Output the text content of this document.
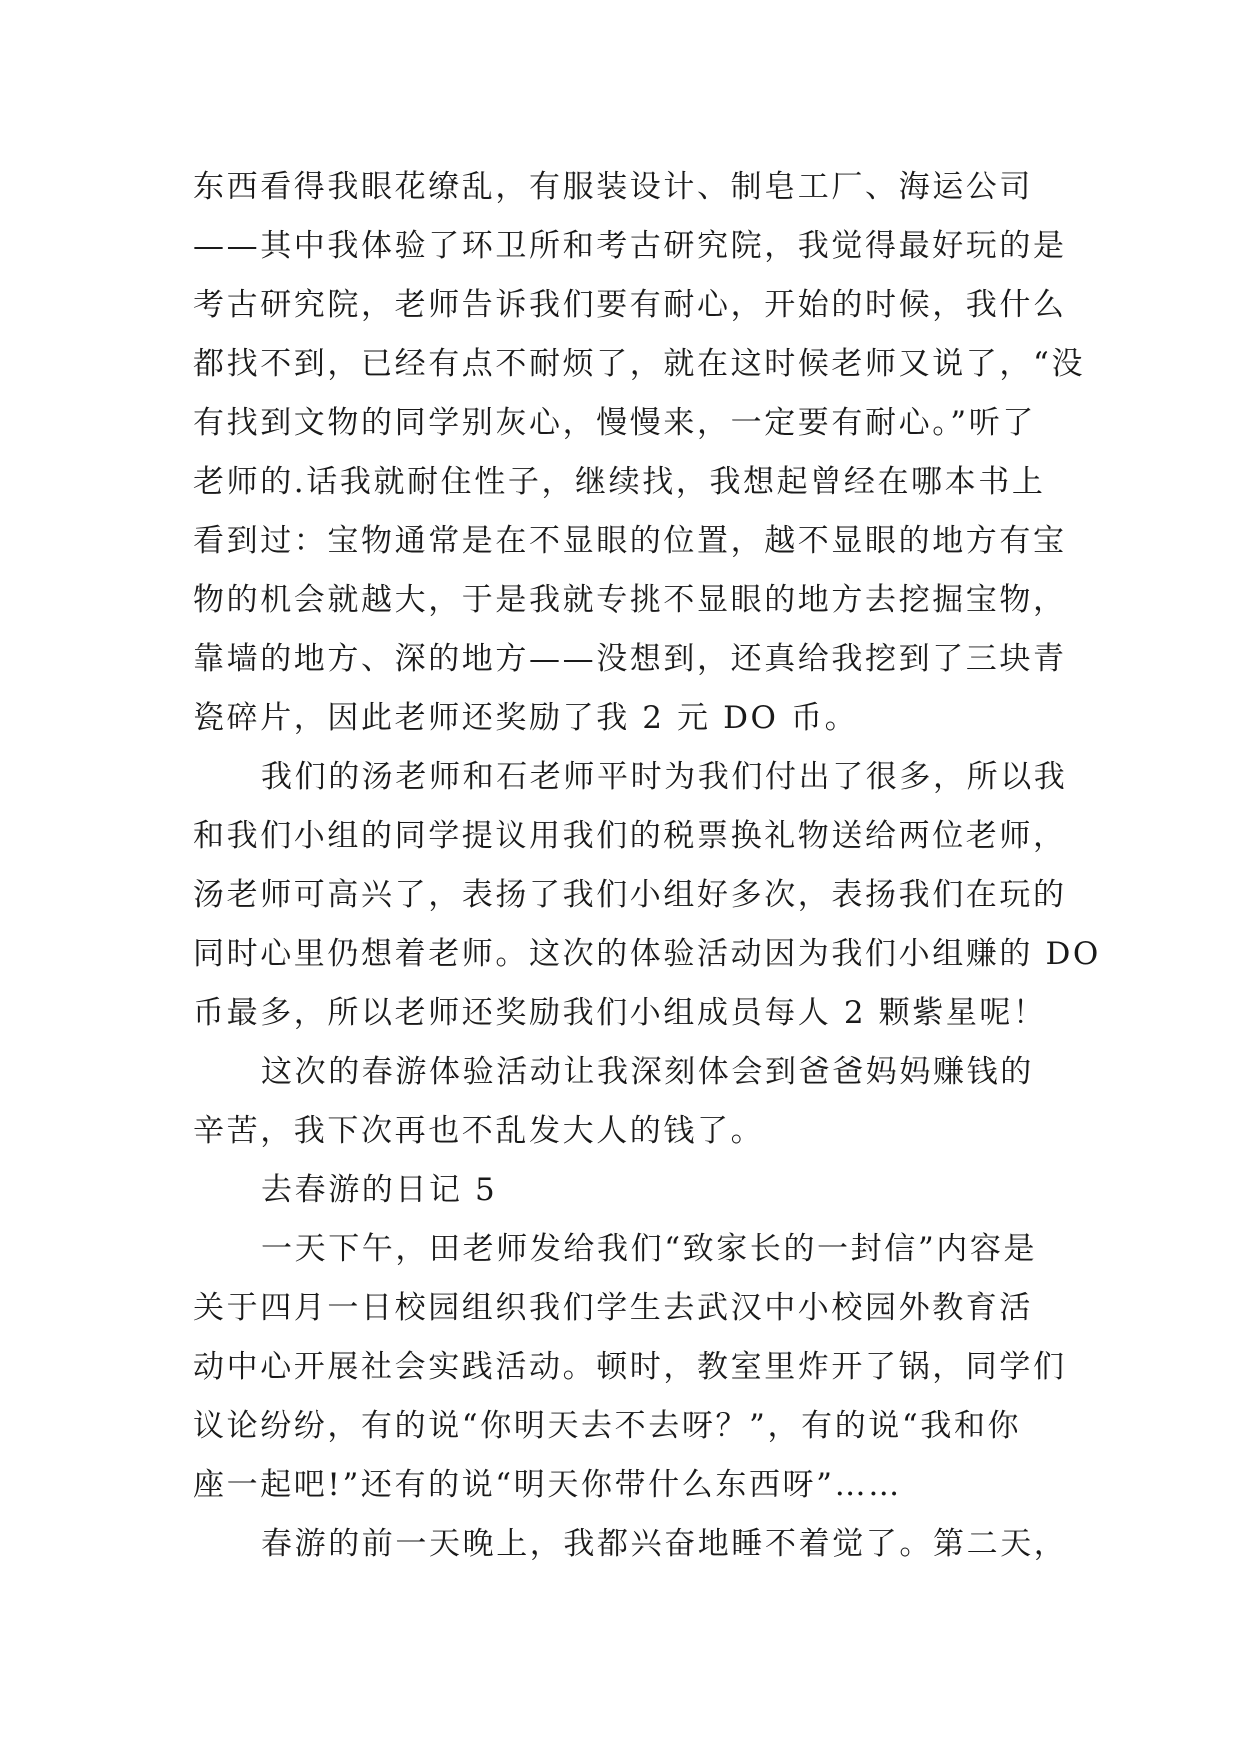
东西看得我眼花缭乱，有服装设计、制皂工厂、海运公司
——其中我体验了环卫所和考古研究院，我觉得最好玩的是
考古研究院，老师告诉我们要有耐心，开始的时候，我什么
都找不到，已经有点不耐烦了，就在这时候老师又说了，“没
有找到文物的同学别灰心，慢慢来，一定要有耐心。”听了
老师的.话我就耐住性子，继续找，我想起曾经在哪本书上
看到过：宝物通常是在不显眼的位置，越不显眼的地方有宝
物的机会就越大，于是我就专挑不显眼的地方去挖掘宝物，
靠墙的地方、深的地方——没想到，还真给我挖到了三块青
瓷碎片，因此老师还奖励了我 2 元 DO 币。
我们的汤老师和石老师平时为我们付出了很多，所以我
和我们小组的同学提议用我们的税票换礼物送给两位老师，
汤老师可高兴了，表扬了我们小组好多次，表扬我们在玩的
同时心里仍想着老师。这次的体验活动因为我们小组赚的 DO
币最多，所以老师还奖励我们小组成员每人 2 颗紫星呢！
这次的春游体验活动让我深刻体会到爸爸妈妈赚钱的
辛苦，我下次再也不乱发大人的钱了。
去春游的日记 5
一天下午，田老师发给我们“致家长的一封信”内容是
关于四月一日校园组织我们学生去武汉中小校园外教育活
动中心开展社会实践活动。顿时，教室里炸开了锅，同学们
议论纷纷，有的说“你明天去不去呀？”，有的说“我和你
座一起吧!”还有的说“明天你带什么东西呀”……
春游的前一天晚上，我都兴奋地睡不着觉了。第二天，
